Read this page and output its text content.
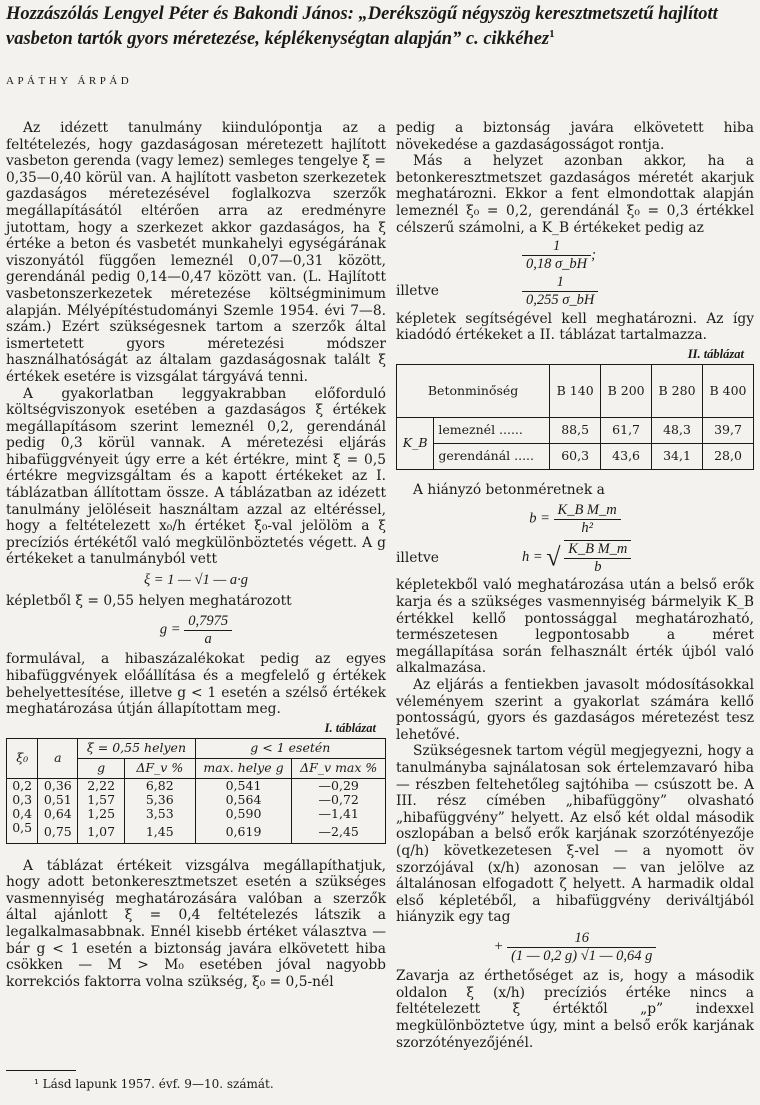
Hozzászólás Lengyel Péter és Bakondi János: „Derékszögű négyszög keresztmetszetű hajlított vasbeton tartók gyors méretezése, képlékenységtan alapján” c. cikkéhez$^1$

APÁTHY ÁRPÁD

Az idézett tanulmány kiindulópontja az a feltételezés, hogy gazdaságosan méretezett hajlított vasbeton gerenda (vagy lemez) semleges tengelye ξ = 0,35—0,40 körül van. A hajlított vasbeton szerkezetek gazdaságos méretezésével foglalkozva szerzők megállapításától eltérően arra az eredményre jutottam, hogy a szerkezet akkor gazdaságos, ha ξ értéke a beton és vasbetét munkahelyi egységárának viszonyától függően lemeznél 0,07—0,31 között, gerendánál pedig 0,14—0,47 között van. (L. Hajlított vasbetonszerkezetek méretezése költségminimum alapján. Mélyépítéstudományi Szemle 1954. évi 7—8. szám.) Ezért szükségesnek tartom a szerzők által ismertetett gyors méretezési módszer használhatóságát az általam gazdaságosnak talált ξ értékek esetére is vizsgálat tárgyává tenni.

A gyakorlatban leggyakrabban előforduló költségviszonyok esetében a gazdaságos ξ értékek megállapításom szerint lemeznél 0,2, gerendánál pedig 0,3 körül vannak. A méretezési eljárás hibafüggvényeit úgy erre a két értékre, mint ξ = 0,5 értékre megvizsgáltam és a kapott értékeket az I. táblázatban állítottam össze. A táblázatban az idézett tanulmány jelöléseit használtam azzal az eltéréssel, hogy a feltételezett x₀/h értéket ξ₀-val jelölöm a ξ precíziós értékétől való megkülönböztetés végett. A g értékeket a tanulmányból vett

ξ = 1 — √1 — a·g

képletből ξ = 0,55 helyen meghatározott

$g = \frac{0,7975}{a}$

formulával, a hibaszázalékokat pedig az egyes hibafüggvények előállítása és a megfelelő g értékek behelyettesítése, illetve g < 1 esetén a szélső értékek meghatározása útján állapítottam meg.

I. táblázat
ξ₀	a	ξ = 0,55 helyen		g < 1 esetén	
		g	ΔF_v %	max. helye g	ΔF_v max %
0,2	0,36	2,22	6,82	0,541	—0,29
0,3	0,51	1,57	5,36	0,564	—0,72
0,4	0,64	1,25	3,53	0,590	—1,41
0,5	0,75	1,07	1,45	0,619	—2,45

A táblázat értékeit vizsgálva megállapíthatjuk, hogy adott betonkeresztmetszet esetén a szükséges vasmennyiség meghatározására valóban a szerzők által ajánlott ξ = 0,4 feltételezés látszik a legalkalmasabbnak. Ennél kisebb értéket választva — bár g < 1 esetén a biztonság javára elkövetett hiba csökken — M > M₀ esetében jóval nagyobb korrekciós faktorra volna szükség, ξ₀ = 0,5-nél

¹ Lásd lapunk 1957. évf. 9—10. számát.

pedig a biztonság javára elkövetett hiba növekedése a gazdaságosságot rontja.

Más a helyzet azonban akkor, ha a betonkeresztmetszet gazdaságos méretét akarjuk meghatározni. Ekkor a fent elmondottak alapján lemeznél ξ₀ = 0,2, gerendánál ξ₀ = 0,3 értékkel célszerű számolni, a K_B értékeket pedig az

$\frac{1}{0,18 \sigma\_bH}$ ;
illetve	$\frac{1}{0,255 \sigma\_bH}$

képletek segítségével kell meghatározni. Az így kiadódó értékeket a II. táblázat tartalmazza.

II. táblázat
Betonminőség		B 140	B 200	B 280	B 400
K_B	lemeznél ......	88,5	61,7	48,3	39,7
	gerendánál .....	60,3	43,6	34,1	28,0

A hiányzó betonméretnek a

$b = \frac{\text{K\_B M\_m}}{\text{h²}}$
illetve	h = √ $\frac{\text{K\_B M\_m}}{b}$

képletekből való meghatározása után a belső erők karja és a szükséges vasmennyiség bármelyik K_B értékkel kellő pontossággal meghatározható, természetesen legpontosabb a méret megállapítása során felhasznált érték újból való alkalmazása.

Az eljárás a fentiekben javasolt módosításokkal véleményem szerint a gyakorlat számára kellő pontosságú, gyors és gazdaságos méretezést tesz lehetővé.

Szükségesnek tartom végül megjegyezni, hogy a tanulmányba sajnálatosan sok értelemzavaró hiba — részben feltehetőleg sajtóhiba — csúszott be. A III. rész címében „hibafüggöny” olvasható „hibafüggvény” helyett. Az első két oldal második oszlopában a belső erők karjának szorzótényezője (q/h) következetesen ξ-vel — a nyomott öv szorzójával (x/h) azonosan — van jelölve az általánosan elfogadott ζ helyett. A harmadik oldal első képletéből, a hibafüggvény deriváltjából hiányzik egy tag

+ $\frac{16}{(1 — 0,2 g) √1 — 0,64 g}$

Zavarja az érthetőséget az is, hogy a második oldalon ξ (x/h) precíziós értéke nincs a feltételezett ξ értéktől „p” indexxel megkülönböztetve úgy, mint a belső erők karjának szorzótényezőjénél.
